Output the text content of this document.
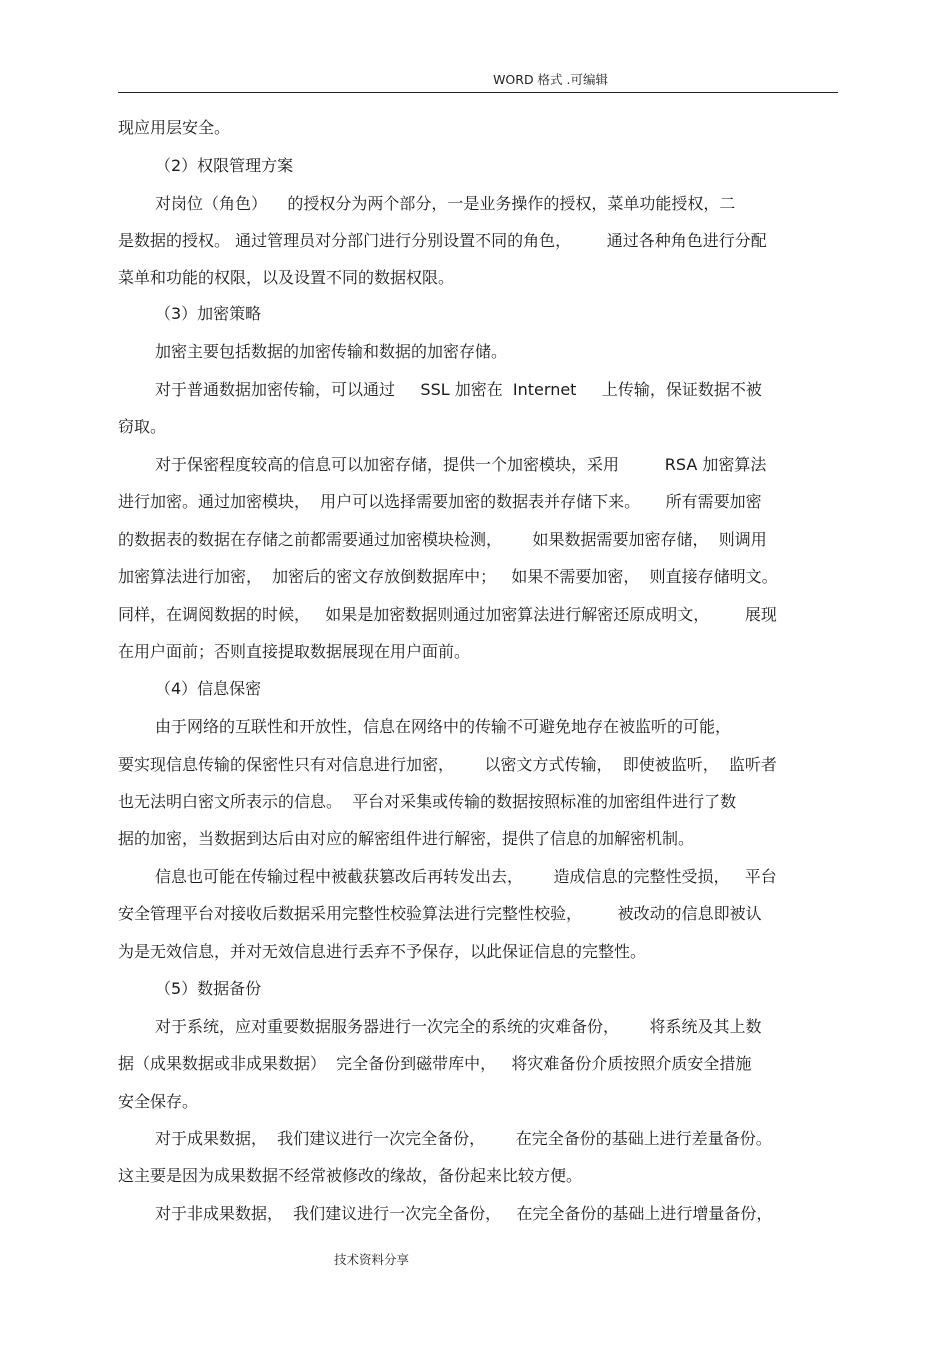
WORD 格式 .可编辑
现应用层安全。
（2）权限管理方案
对岗位（角色）    的授权分为两个部分，一是业务操作的授权，菜单功能授权，二
是数据的授权。 通过管理员对分部门进行分别设置不同的角色，       通过各种角色进行分配
菜单和功能的权限，以及设置不同的数据权限。
（3）加密策略
加密主要包括数据的加密传输和数据的加密存储。
对于普通数据加密传输，可以通过     SSL 加密在  Internet     上传输，保证数据不被
窃取。
对于保密程度较高的信息可以加密存储，提供一个加密模块，采用         RSA 加密算法
进行加密。通过加密模块，  用户可以选择需要加密的数据表并存储下来。     所有需要加密
的数据表的数据在存储之前都需要通过加密模块检测，      如果数据需要加密存储，  则调用
加密算法进行加密，  加密后的密文存放倒数据库中；   如果不需要加密，  则直接存储明文。
同样，在调阅数据的时候，   如果是加密数据则通过加密算法进行解密还原成明文，       展现
在用户面前；否则直接提取数据展现在用户面前。
（4）信息保密
由于网络的互联性和开放性，信息在网络中的传输不可避免地存在被监听的可能，
要实现信息传输的保密性只有对信息进行加密，      以密文方式传输，  即使被监听，  监听者
也无法明白密文所表示的信息。  平台对采集或传输的数据按照标准的加密组件进行了数
据的加密，当数据到达后由对应的解密组件进行解密，提供了信息的加解密机制。
信息也可能在传输过程中被截获篡改后再转发出去，      造成信息的完整性受损，   平台
安全管理平台对接收后数据采用完整性校验算法进行完整性校验，       被改动的信息即被认
为是无效信息，并对无效信息进行丢弃不予保存，以此保证信息的完整性。
（5）数据备份
对于系统，应对重要数据服务器进行一次完全的系统的灾难备份，      将系统及其上数
据（成果数据或非成果数据）  完全备份到磁带库中，   将灾难备份介质按照介质安全措施
安全保存。
对于成果数据，  我们建议进行一次完全备份，      在完全备份的基础上进行差量备份。
这主要是因为成果数据不经常被修改的缘故，备份起来比较方便。
对于非成果数据，  我们建议进行一次完全备份，   在完全备份的基础上进行增量备份，
技术资料分享
